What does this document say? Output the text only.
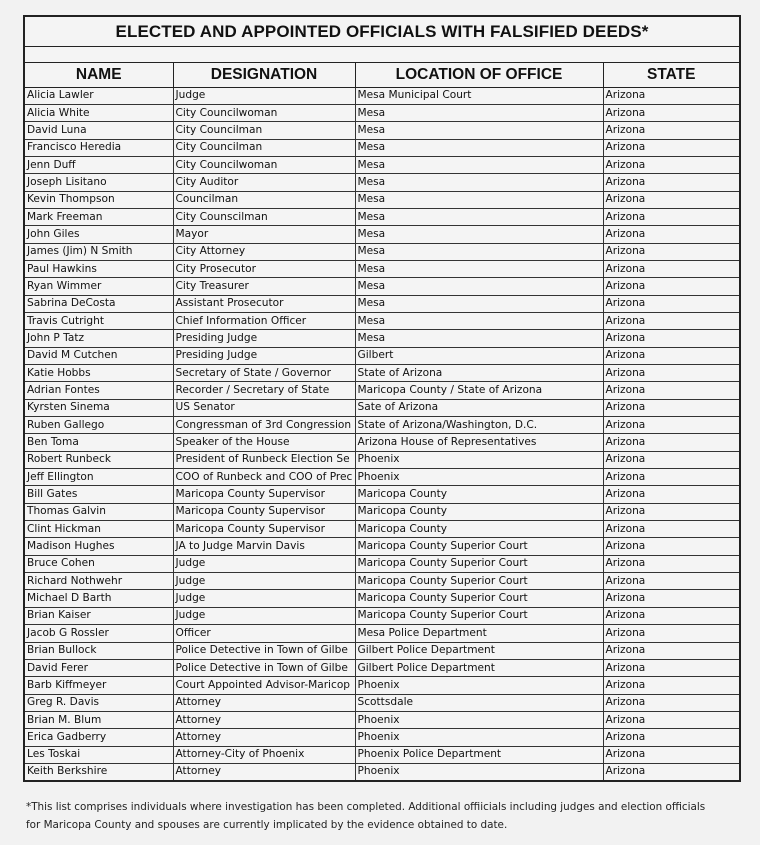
ELECTED AND APPOINTED OFFICIALS WITH FALSIFIED DEEDS*
NAME	DESIGNATION	LOCATION OF OFFICE	STATE
Alicia Lawler	Judge	Mesa Municipal Court	Arizona
Alicia White	City Councilwoman	Mesa	Arizona
David Luna	City Councilman	Mesa	Arizona
Francisco Heredia	City Councilman	Mesa	Arizona
Jenn Duff	City Councilwoman	Mesa	Arizona
Joseph Lisitano	City Auditor	Mesa	Arizona
Kevin Thompson	Councilman	Mesa	Arizona
Mark Freeman	City Counscilman	Mesa	Arizona
John Giles	Mayor	Mesa	Arizona
James (Jim) N Smith	City Attorney	Mesa	Arizona
Paul Hawkins	City Prosecutor	Mesa	Arizona
Ryan Wimmer	City Treasurer	Mesa	Arizona
Sabrina DeCosta	Assistant Prosecutor	Mesa	Arizona
Travis Cutright	Chief Information Officer	Mesa	Arizona
John P Tatz	Presiding Judge	Mesa	Arizona
David M Cutchen	Presiding Judge	Gilbert	Arizona
Katie Hobbs	Secretary of State / Governor	State of Arizona	Arizona
Adrian Fontes	Recorder / Secretary of State	Maricopa County / State of Arizona	Arizona
Kyrsten Sinema	US Senator	Sate of Arizona	Arizona
Ruben Gallego	Congressman of 3rd Congression	State of Arizona/Washington, D.C.	Arizona
Ben Toma	Speaker of the House	Arizona House of Representatives	Arizona
Robert Runbeck	President of Runbeck Election Se	Phoenix	Arizona
Jeff Ellington	COO of Runbeck and COO of Prec	Phoenix	Arizona
Bill Gates	Maricopa County Supervisor	Maricopa County	Arizona
Thomas Galvin	Maricopa County Supervisor	Maricopa County	Arizona
Clint Hickman	Maricopa County Supervisor	Maricopa County	Arizona
Madison Hughes	JA to Judge Marvin Davis	Maricopa County Superior Court	Arizona
Bruce Cohen	Judge	Maricopa County Superior Court	Arizona
Richard Nothwehr	Judge	Maricopa County Superior Court	Arizona
Michael D Barth	Judge	Maricopa County Superior Court	Arizona
Brian Kaiser	Judge	Maricopa County Superior Court	Arizona
Jacob G Rossler	Officer	Mesa Police Department	Arizona
Brian Bullock	Police Detective in Town of Gilbe	Gilbert Police Department	Arizona
David Ferer	Police Detective in Town of Gilbe	Gilbert Police Department	Arizona
Barb Kiffmeyer	Court Appointed Advisor-Maricop	Phoenix	Arizona
Greg R. Davis	Attorney	Scottsdale	Arizona
Brian M. Blum	Attorney	Phoenix	Arizona
Erica Gadberry	Attorney	Phoenix	Arizona
Les Toskai	Attorney-City of Phoenix	Phoenix Police Department	Arizona
Keith Berkshire	Attorney	Phoenix	Arizona
*This list comprises individuals where investigation has been completed. Additional offiicials including judges and election officials
for Maricopa County and spouses are currently implicated by the evidence obtained to date.
